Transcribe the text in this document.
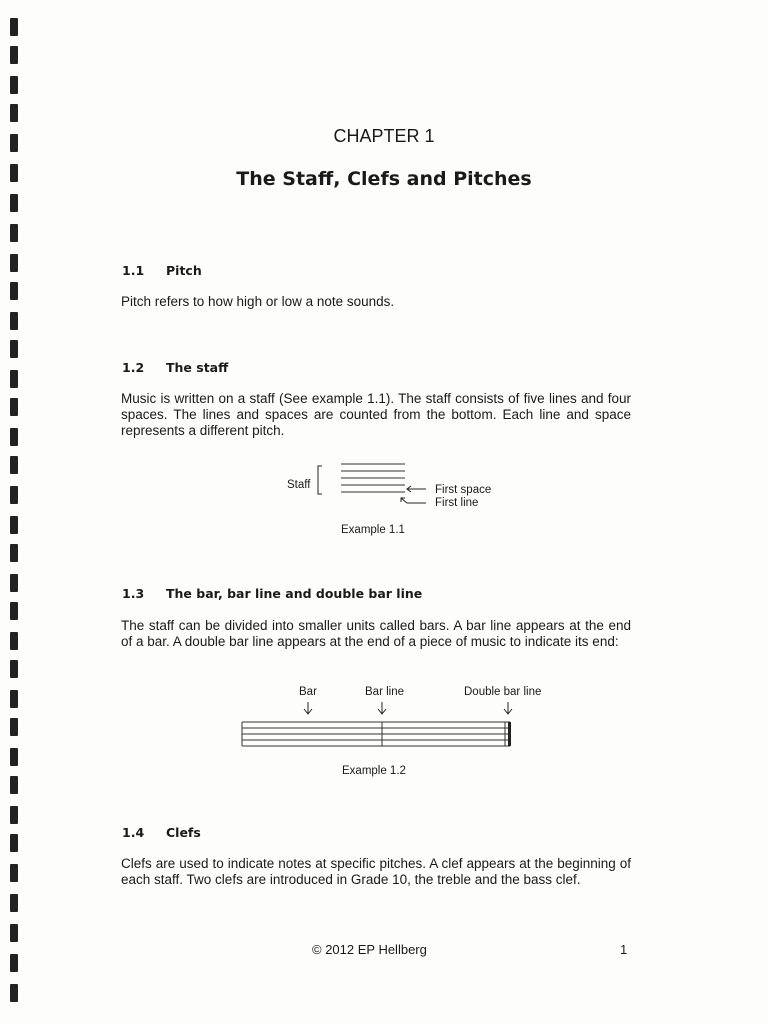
CHAPTER 1

The Staff, Clefs and Pitches

1.1 Pitch

Pitch refers to how high or low a note sounds.

1.2 The staff

Music is written on a staff (See example 1.1). The staff consists of five lines and four spaces. The lines and spaces are counted from the bottom. Each line and space represents a different pitch.

Staff	First space
First line
Example 1.1

1.3 The bar, bar line and double bar line

The staff can be divided into smaller units called bars. A bar line appears at the end of a bar. A double bar line appears at the end of a piece of music to indicate its end:

Bar	Bar line	Double bar line
Example 1.2

1.4 Clefs

Clefs are used to indicate notes at specific pitches. A clef appears at the beginning of each staff. Two clefs are introduced in Grade 10, the treble and the bass clef.

© 2012 EP Hellberg	1
